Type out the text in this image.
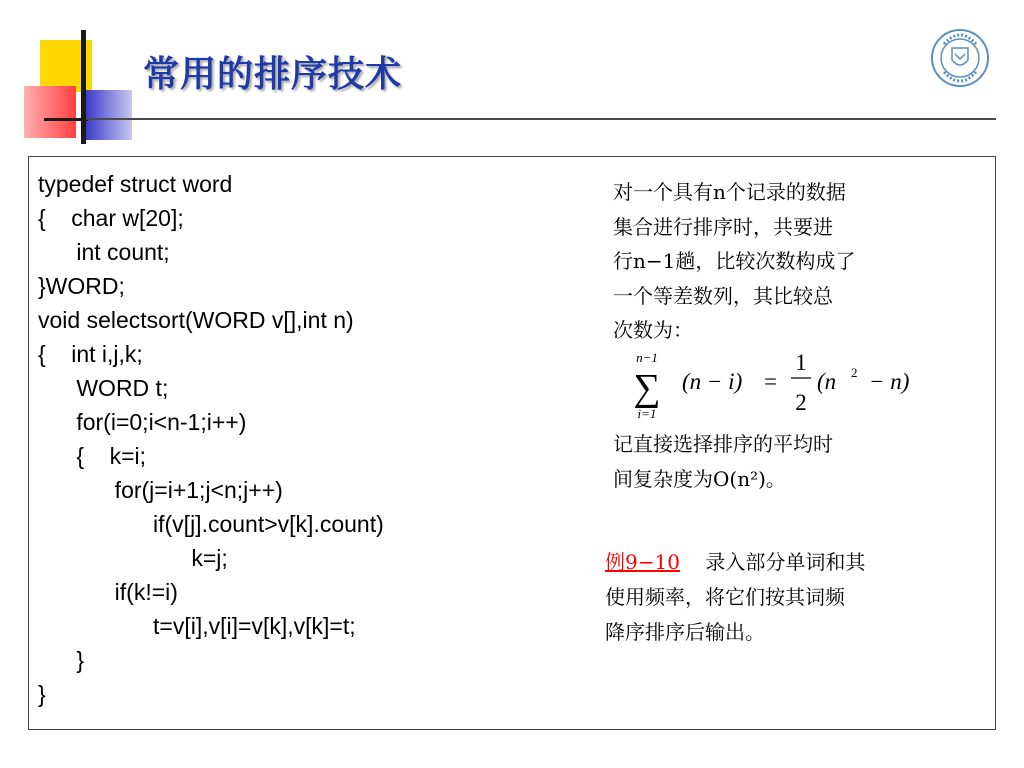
常用的排序技术
typedef struct word
{    char w[20];
int count;
}WORD;
void selectsort(WORD v[],int n)
{    int i,j,k;
WORD t;
for(i=0;i<n-1;i++)
{    k=i;
for(j=i+1;j<n;j++)
if(v[j].count>v[k].count)
k=j;
if(k!=i)
t=v[i],v[i]=v[k],v[k]=t;
}
}
对一个具有n个记录的数据
集合进行排序时，共要进
行n−1趟，比较次数构成了
一个等差数列，其比较总
次数为：
n−1
∑
i=1
(n − i) =
1
2
(n 2 − n)
记直接选择排序的平均时
间复杂度为O(n²)。
例9−10    录入部分单词和其
使用频率，将它们按其词频
降序排序后输出。
